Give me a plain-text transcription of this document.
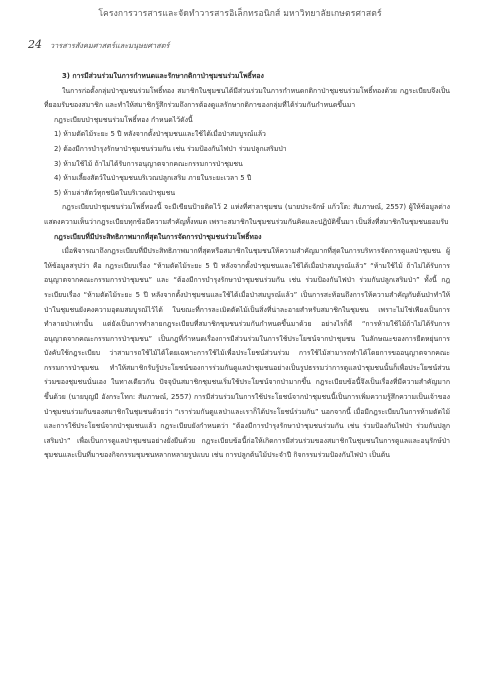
โครงการวารสารและจัดทำวารสารอิเล็กทรอนิกส์ มหาวิทยาลัยเกษตรศาสตร์
24 วารสารสังคมศาสตร์และมนุษยศาสตร์

3) การมีส่วนร่วมในการกำหนดและรักษากติกาป่าชุมชนร่วมโพธิ์ทอง

ในการก่อตั้งกลุ่มป่าชุมชนร่วมโพธิ์ทอง สมาชิกในชุมชนได้มีส่วนร่วมในการกำหนดกติกาป่าชุมชนร่วมโพธิ์ทองด้วย กฎระเบียบจึงเป็นที่ยอมรับของสมาชิก และทำให้สมาชิกรู้สึกร่วมถึงการต้องดูแลรักษากติกาของกลุ่มที่ได้ร่วมกันกำหนดขึ้นมา

กฎระเบียบป่าชุมชนร่วมโพธิ์ทอง กำหนดไว้ดังนี้

1) ห้ามตัดไม้ระยะ 5 ปี หลังจากตั้งป่าชุมชนและใช้ได้เมื่อป่าสมบูรณ์แล้ว
2) ต้องมีการบำรุงรักษาป่าชุมชนร่วมกัน เช่น ร่วมป้องกันไฟป่า ร่วมปลูกเสริมป่า
3) ห้ามใช้ไม้ ถ้าไม่ได้รับการอนุญาตจากคณะกรรมการป่าชุมชน
4) ห้ามเลี้ยงสัตว์ในป่าชุมชนบริเวณปลูกเสริม ภายในระยะเวลา 5 ปี
5) ห้ามล่าสัตว์ทุกชนิดในบริเวณป่าชุมชน

กฎระเบียบป่าชุมชนร่วมโพธิ์ทองนี้ จะมีเขียนป้ายติดไว้ 2 แห่งที่ศาลาชุมชน (นายประจักษ์ แก้วโต: สัมภาษณ์, 2557) ผู้ให้ข้อมูลต่างแสดงความเห็นว่ากฎระเบียบทุกข้อมีความสำคัญทั้งหมด เพราะสมาชิกในชุมชนร่วมกันคิดและปฏิบัติขึ้นมา เป็นสิ่งที่สมาชิกในชุมชนยอมรับ

กฎระเบียบที่มีประสิทธิภาพมากที่สุดในการจัดการป่าชุมชนร่วมโพธิ์ทอง

เมื่อพิจารณาถึงกฎระเบียบที่มีประสิทธิภาพมากที่สุดหรือสมาชิกในชุมชนให้ความสำคัญมากที่สุดในการบริหารจัดการดูแลป่าชุมชน ผู้ให้ข้อมูลสรุปว่า คือ กฎระเบียบเรื่อง “ห้ามตัดไม้ระยะ 5 ปี หลังจากตั้งป่าชุมชนและใช้ได้เมื่อป่าสมบูรณ์แล้ว” “ห้ามใช้ไม้ ถ้าไม่ได้รับการอนุญาตจากคณะกรรมการป่าชุมชน” และ “ต้องมีการบำรุงรักษาป่าชุมชนร่วมกัน เช่น ร่วมป้องกันไฟป่า ร่วมกันปลูกเสริมป่า” ทั้งนี้ กฎระเบียบเรื่อง “ห้ามตัดไม้ระยะ 5 ปี หลังจากตั้งป่าชุมชนและใช้ได้เมื่อป่าสมบูรณ์แล้ว” เป็นการสะท้อนถึงการให้ความสำคัญกับต้นป่าทำให้ป่าในชุมชนยังคงความอุดมสมบูรณ์ไว้ได้ ในขณะที่การละเมิดตัดไม้เป็นสิ่งที่น่าละอายสำหรับสมาชิกในชุมชน เพราะไม่ใช่เพียงเป็นการทำลายป่าเท่านั้น แต่ยังเป็นการทำลายกฎระเบียบที่สมาชิกชุมชนร่วมกันกำหนดขึ้นมาด้วย อย่างไรก็ดี “การห้ามใช้ไม้ถ้าไม่ได้รับการอนุญาตจากคณะกรรมการป่าชุมชน” เป็นกฎที่กำหนดเรื่องการมีส่วนร่วมในการใช้ประโยชน์จากป่าชุมชน ในลักษณะของการยืดหยุ่นการบังคับใช้กฎระเบียบ ว่าสามารถใช้ไม้ได้โดยเฉพาะการใช้ไม้เพื่อประโยชน์ส่วนร่วม การใช้ไม้สามารถทำได้โดยการขออนุญาตจากคณะกรรมการป่าชุมชน ทำให้สมาชิกรับรู้ประโยชน์ของการร่วมกันดูแลป่าชุมชนอย่างเป็นรูปธรรมว่าการดูแลป่าชุมชนนั้นก็เพื่อประโยชน์ส่วนร่วมของชุมชนนั่นเอง ในทางเดียวกัน ปัจจุบันสมาชิกชุมชนเริ่มใช้ประโยชน์จากป่ามากขึ้น กฎระเบียบข้อนี้จึงเป็นเรื่องที่มีความสำคัญมากขึ้นด้วย (นายบุญมี อังกระโทก: สัมภาษณ์, 2557) การมีส่วนร่วมในการใช้ประโยชน์จากป่าชุมชนนี้เป็นการเพิ่มความรู้สึกความเป็นเจ้าของป่าชุมชนร่วมกันของสมาชิกในชุมชนด้วยว่า “เราร่วมกันดูแลป่าและเราก็ได้ประโยชน์ร่วมกัน” นอกจากนี้ เมื่อมีกฎระเบียบในการห้ามตัดไม้และการใช้ประโยชน์จากป่าชุมชนแล้ว กฎระเบียบยังกำหนดว่า “ต้องมีการบำรุงรักษาป่าชุมชนร่วมกัน เช่น ร่วมป้องกันไฟป่า ร่วมกันปลูกเสริมป่า” เพื่อเป็นการดูแลป่าชุมชนอย่างยั่งยืนด้วย กฎระเบียบข้อนี้ก่อให้เกิดการมีส่วนร่วมของสมาชิกในชุมชนในการดูแลและอนุรักษ์ป่าชุมชนและเป็นที่มาของกิจกรรมชุมชนหลากหลายรูปแบบ เช่น การปลูกต้นไม้ประจำปี กิจกรรมร่วมป้องกันไฟป่า เป็นต้น
